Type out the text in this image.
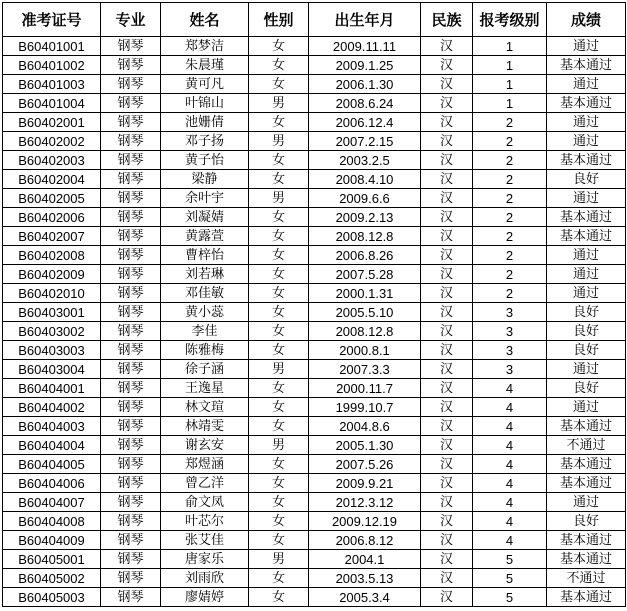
准考证号	专业	姓名	性别	出生年月	民族	报考级别	成绩
B60401001	钢琴	郑梦洁	女	2009.11.11	汉	1	通过
B60401002	钢琴	朱晨瑾	女	2009.1.25	汉	1	基本通过
B60401003	钢琴	黄可凡	女	2006.1.30	汉	1	通过
B60401004	钢琴	叶锦山	男	2008.6.24	汉	1	基本通过
B60402001	钢琴	池姗倩	女	2006.12.4	汉	2	通过
B60402002	钢琴	邓子扬	男	2007.2.15	汉	2	通过
B60402003	钢琴	黄子怡	女	2003.2.5	汉	2	基本通过
B60402004	钢琴	梁静	女	2008.4.10	汉	2	良好
B60402005	钢琴	余叶宇	男	2009.6.6	汉	2	通过
B60402006	钢琴	刘凝婧	女	2009.2.13	汉	2	基本通过
B60402007	钢琴	黄露萱	女	2008.12.8	汉	2	基本通过
B60402008	钢琴	曹梓怡	女	2006.8.26	汉	2	通过
B60402009	钢琴	刘若琳	女	2007.5.28	汉	2	通过
B60402010	钢琴	邓佳敏	女	2000.1.31	汉	2	通过
B60403001	钢琴	黄小蕊	女	2005.5.10	汉	3	良好
B60403002	钢琴	李佳	女	2008.12.8	汉	3	良好
B60403003	钢琴	陈雅梅	女	2000.8.1	汉	3	良好
B60403004	钢琴	徐子涵	男	2007.3.3	汉	3	通过
B60404001	钢琴	王逸星	女	2000.11.7	汉	4	良好
B60404002	钢琴	林文瑄	女	1999.10.7	汉	4	通过
B60404003	钢琴	林靖雯	女	2004.8.6	汉	4	基本通过
B60404004	钢琴	谢玄安	男	2005.1.30	汉	4	不通过
B60404005	钢琴	郑煜涵	女	2007.5.26	汉	4	基本通过
B60404006	钢琴	曾乙洋	女	2009.9.21	汉	4	基本通过
B60404007	钢琴	俞文凤	女	2012.3.12	汉	4	通过
B60404008	钢琴	叶芯尔	女	2009.12.19	汉	4	良好
B60404009	钢琴	张艾佳	女	2006.8.12	汉	4	基本通过
B60405001	钢琴	唐家乐	男	2004.1	汉	5	基本通过
B60405002	钢琴	刘雨欣	女	2003.5.13	汉	5	不通过
B60405003	钢琴	廖婧婷	女	2005.3.4	汉	5	基本通过
